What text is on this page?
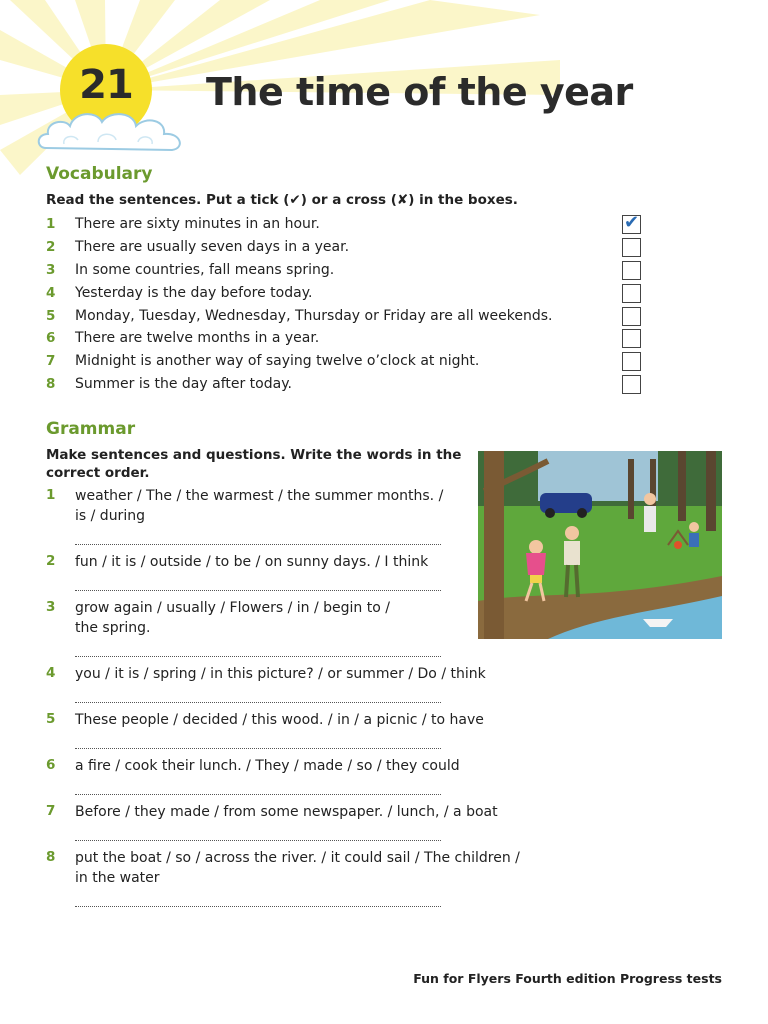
21	The time of the year
Vocabulary
Read the sentences. Put a tick (✔) or a cross (✘) in the boxes.
1 There are sixty minutes in an hour.	✔
2 There are usually seven days in a year.
3 In some countries, fall means spring.
4 Yesterday is the day before today.
5 Monday, Tuesday, Wednesday, Thursday or Friday are all weekends.
6 There are twelve months in a year.
7 Midnight is another way of saying twelve o’clock at night.
8 Summer is the day after today.
Grammar
Make sentences and questions. Write the words in the
correct order.
1 weather / The / the warmest / the summer months. /
is / during
2 fun / it is / outside / to be / on sunny days. / I think
3 grow again / usually / Flowers / in / begin to /
the spring.
4 you / it is / spring / in this picture? / or summer / Do / think
5 These people / decided / this wood. / in / a picnic / to have
6 a fire / cook their lunch. / They / made / so / they could
7 Before / they made / from some newspaper. / lunch, / a boat
8 put the boat / so / across the river. / it could sail / The children /
in the water
Fun for Flyers Fourth edition Progress tests
